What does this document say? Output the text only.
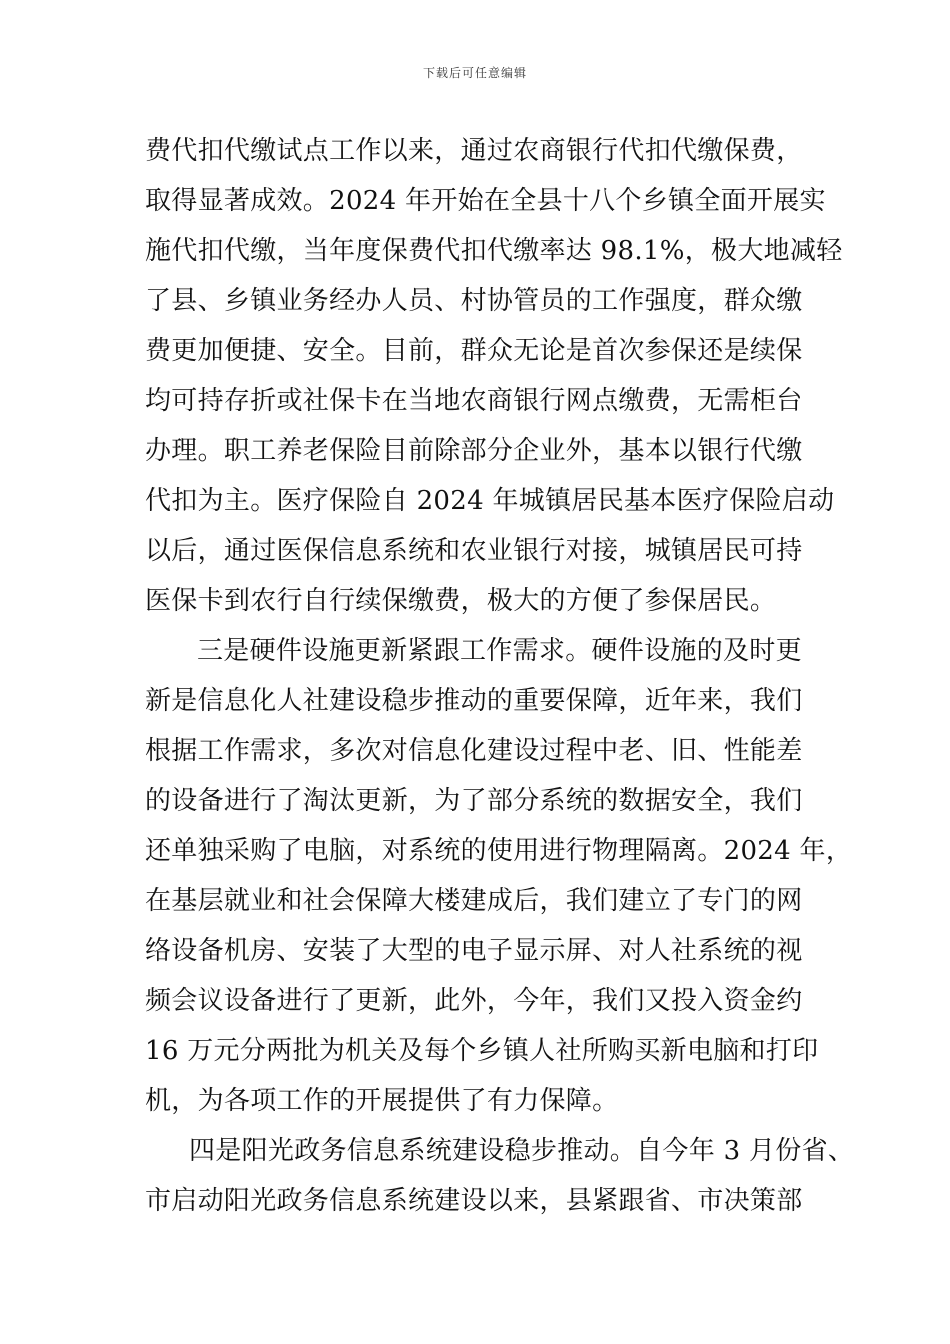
下载后可任意编辑
费代扣代缴试点工作以来，通过农商银行代扣代缴保费，
取得显著成效。2024 年开始在全县十八个乡镇全面开展实
施代扣代缴，当年度保费代扣代缴率达 98.1%，极大地减轻
了县、乡镇业务经办人员、村协管员的工作强度，群众缴
费更加便捷、安全。目前，群众无论是首次参保还是续保
均可持存折或社保卡在当地农商银行网点缴费，无需柜台
办理。职工养老保险目前除部分企业外，基本以银行代缴
代扣为主。医疗保险自 2024 年城镇居民基本医疗保险启动
以后，通过医保信息系统和农业银行对接，城镇居民可持
医保卡到农行自行续保缴费，极大的方便了参保居民。
三是硬件设施更新紧跟工作需求。硬件设施的及时更
新是信息化人社建设稳步推动的重要保障，近年来，我们
根据工作需求，多次对信息化建设过程中老、旧、性能差
的设备进行了淘汰更新，为了部分系统的数据安全，我们
还单独采购了电脑，对系统的使用进行物理隔离。2024 年，
在基层就业和社会保障大楼建成后，我们建立了专门的网
络设备机房、安装了大型的电子显示屏、对人社系统的视
频会议设备进行了更新，此外，今年，我们又投入资金约
16 万元分两批为机关及每个乡镇人社所购买新电脑和打印
机，为各项工作的开展提供了有力保障。
四是阳光政务信息系统建设稳步推动。自今年 3 月份省、
市启动阳光政务信息系统建设以来，县紧跟省、市决策部
